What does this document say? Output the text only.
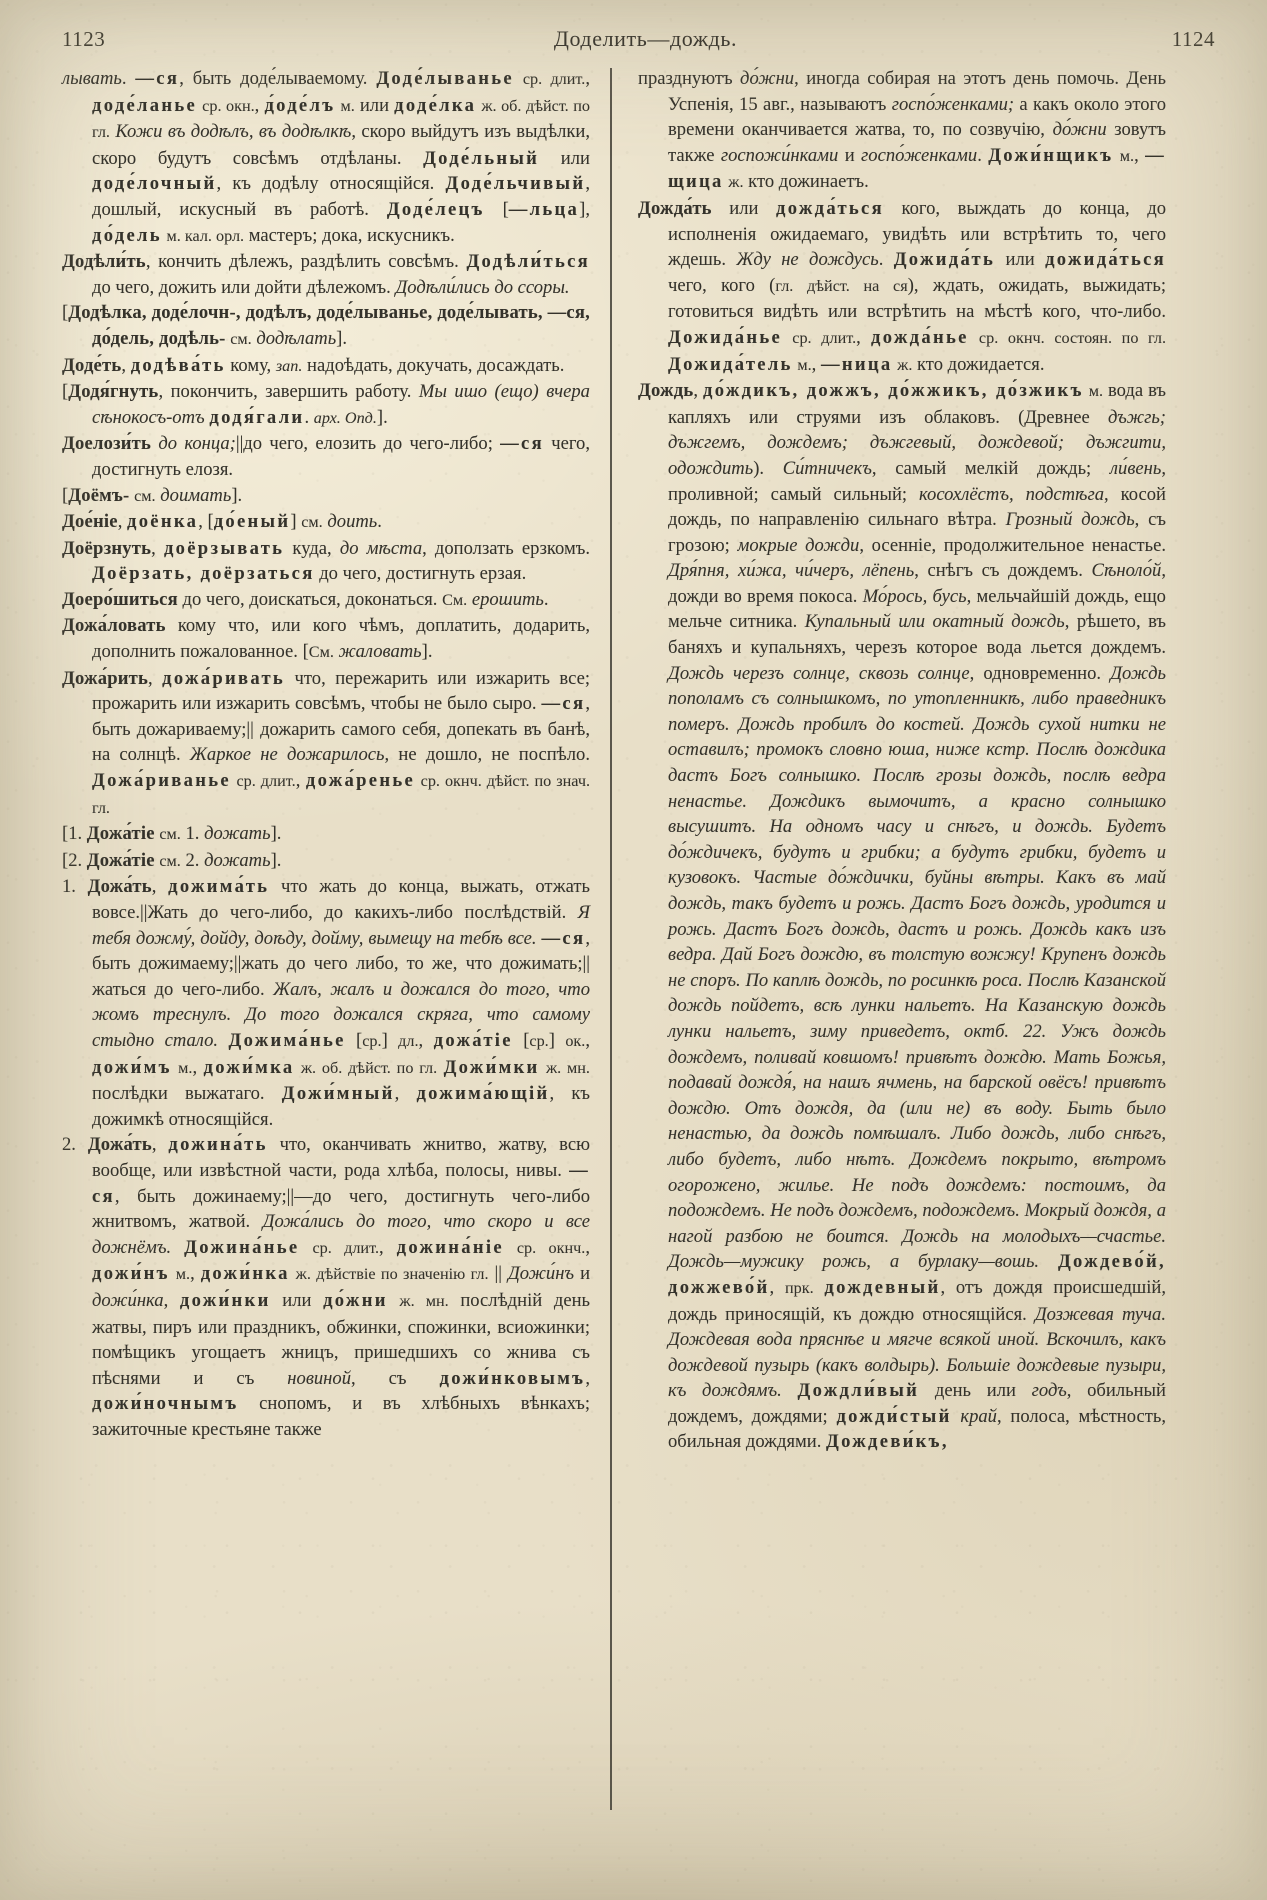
1123	Доделить—дождь.	1124

лывать. —ся, быть доде́лываемому. Доде́лыванье ср. длит., доде́ланье ср. окн., д́оде́лъ м. или доде́лка ж. об. дѣйст. по гл. Кожи въ додѣлъ, въ додѣлкѣ, скоро выйдутъ изъ выдѣлки, скоро будутъ совсѣмъ отдѣланы. Доде́льный или доде́лочный, къ додѣлу относящійся. Доде́льчивый, дошлый, искусный въ работѣ. Доде́лецъ [—льца], до́дель м. кал. орл. мастеръ; дока, искусникъ.

Додѣли́ть, кончить дѣлежъ, раздѣлить совсѣмъ. Додѣли́ться до чего, дожить или дойти дѣлежомъ. Додѣли́лись до ссоры.

[Додѣлка, доде́лочн-, додѣлъ, доде́лыванье, доде́лывать, —ся, до́дель, додѣль- см. додѣлать].

Доде́ть, додѣва́ть кому, зап. надоѣдать, докучать, досаждать.

[Додя́гнуть, покончить, завершить работу. Мы ишо (ещо) вчера сѣнокосъ-отъ додя́гали. арх. Опд.].

Доелози́ть до конца;||до чего, елозить до чего-либо; —ся чего, достигнуть елозя.

[Доёмъ- см. доимать].

Дое́ніе, доёнка, [до́еный] см. доить.

Доёрзнуть, доёрзывать куда, до мѣста, доползать ерзкомъ. Доёрзать, доёрзаться до чего, достигнуть ерзая.

Доеро́шиться до чего, доискаться, доконаться. См. ерошить.

Дожа́ловать кому что, или кого чѣмъ, доплатить, додарить, дополнить пожалованное. [См. жаловать].

Дожа́рить, дожа́ривать что, пережарить или изжарить все; прожарить или изжарить совсѣмъ, чтобы не было сыро. —ся, быть дожариваему;|| дожарить самого себя, допекать въ банѣ, на солнцѣ. Жаркое не дожарилось, не дошло, не поспѣло. Дожа́риванье ср. длит., дожа́ренье ср. окнч. дѣйст. по знач. гл.

[1. Дожа́тіе см. 1. дожать].

[2. Дожа́тіе см. 2. дожать].

1. Дожа́ть, дожима́ть что жать до конца, выжать, отжать вовсе.||Жать до чего-либо, до какихъ-либо послѣдствій. Я тебя дожму́, дойду, доѣду, дойму, вымещу на тебѣ все. —ся, быть дожимаему;||жать до чего либо, то же, что дожимать;||жаться до чего-либо. Жалъ, жалъ и дожался до того, что жомъ треснулъ. До того дожался скряга, что самому стыдно стало. Дожима́нье [ср.] дл., дожа́тіе [ср.] ок., дожи́мъ м., дожи́мка ж. об. дѣйст. по гл. Дожи́мки ж. мн. послѣдки выжатаго. Дожи́мный, дожима́ющій, къ дожимкѣ относящійся.

2. Дожа́ть, дожина́ть что, оканчивать жнитво, жатву, всю вообще, или извѣстной части, рода хлѣба, полосы, нивы. —ся, быть дожинаему;||—до чего, достигнуть чего-либо жнитвомъ, жатвой. Дожа́лись до того, что скоро и все дожнёмъ. Дожина́нье ср. длит., дожина́нie ср. окнч., дожи́нъ м., дожи́нка ж. дѣйствіе по значенію гл. || Дожи́нъ и дожи́нка, дожи́нки или до́жни ж. мн. послѣдній день жатвы, пиръ или праздникъ, обжинки, спожинки, всиожинки; помѣщикъ угощаетъ жницъ, пришедшихъ со жнива съ пѣснями и съ новиной, съ дожи́нковымъ, дожи́ночнымъ снопомъ, и въ хлѣбныхъ вѣнкахъ; зажиточные крестьяне также

празднуютъ до́жни, иногда собирая на этотъ день помочь. День Успенія, 15 авг., называютъ госпо́женками; а какъ около этого времени оканчивается жатва, то, по созвучію, до́жни зовутъ также госпожи́нками и госпо́женками. Дожи́нщикъ м., —щица ж. кто дожинаетъ.

Дожда́ть или дожда́ться кого, выждать до конца, до исполненія ожидаемаго, увидѣть или встрѣтить то, чего ждешь. Жду не дождусь. Дожида́ть или дожида́ться чего, кого (гл. дѣйст. на ся), ждать, ожидать, выжидать; готовиться видѣть или встрѣтить на мѣстѣ кого, что-либо. Дожида́нье ср. длит., дожда́нье ср. окнч. состоян. по гл. Дожида́тель м., —ница ж. кто дожидается.

Дождь, до́ждикъ, дожжъ, до́жжикъ, до́зжикъ м. вода въ капляхъ или струями изъ облаковъ. (Древнее дъжгь; дъжгемъ, дождемъ; дъжгевый, дождевой; дъжгити, одождить). Си́тничекъ, самый мелкій дождь; ли́вень, проливной; самый сильный; косохлёстъ, подстѣга, косой дождь, по направленію сильнаго вѣтра. Грозный дождь, съ грозою; мокрые дожди, осенніе, продолжительное ненастье. Дря́пня, хи́жа, чи́черъ, лёпень, снѣгъ съ дождемъ. Сѣноло́й, дожди во время покоса. Мо́рось, бусь, мельчайшій дождь, ещо мельче ситника. Купальный или окатный дождь, рѣшето, въ баняхъ и купальняхъ, черезъ которое вода льется дождемъ. Дождь черезъ солнце, сквозь солнце, одновременно. Дождь пополамъ съ солнышкомъ, по утопленникѣ, либо праведникъ померъ. Дождь пробилъ до костей. Дождь сухой нитки не оставилъ; промокъ словно юша, ниже кстр. Послѣ дождика дастъ Богъ солнышко. Послѣ грозы дождь, послѣ ведра ненастье. Дождикъ вымочитъ, а красно солнышко высушитъ. На одномъ часу и снѣгъ, и дождь. Будетъ до́ждичекъ, будутъ и грибки; а будутъ грибки, будетъ и кузовокъ. Частые до́ждички, буйны вѣтры. Какъ въ май дождь, такъ будетъ и рожь. Дастъ Богъ дождь, уродится и рожь. Дастъ Богъ дождь, дастъ и рожь. Дождь какъ изъ ведра. Дай Богъ дождю, въ толстую вожжу! Крупенъ дождь не споръ. По каплѣ дождь, по росинкѣ роса. Послѣ Казанской дождь пойдетъ, всѣ лунки нальетъ. На Казанскую дождь лунки нальетъ, зиму приведетъ, октб. 22. Ужъ дождь дождемъ, поливай ковшомъ! привѣтъ дождю. Мать Божья, подавай дождя́, на нашъ ячмень, на барской овёсъ! привѣтъ дождю. Отъ дождя, да (или не) въ воду. Быть было ненастью, да дождь помѣшалъ. Либо дождь, либо снѣгъ, либо будетъ, либо нѣтъ. Дождемъ покрыто, вѣтромъ огорожено, жилье. Не подъ дождемъ: постоимъ, да подождемъ. Не подъ дождемъ, подождемъ. Мокрый дождя, а нагой разбою не боится. Дождь на молодыхъ—счастье. Дождь—мужику рожь, а бурлаку—вошь. Дождево́й, дожжево́й, прк. дождевный, отъ дождя происшедшій, дождь приносящій, къ дождю относящійся. Дозжевая туча. Дождевая вода пряснѣе и мягче всякой иной. Вскочилъ, какъ дождевой пузырь (какъ волдырь). Большіе дождевые пузыри, къ дождямъ. Дождли́вый день или годъ, обильный дождемъ, дождями; дожди́стый край, полоса, мѣстность, обильная дождями. Дождеви́къ,
